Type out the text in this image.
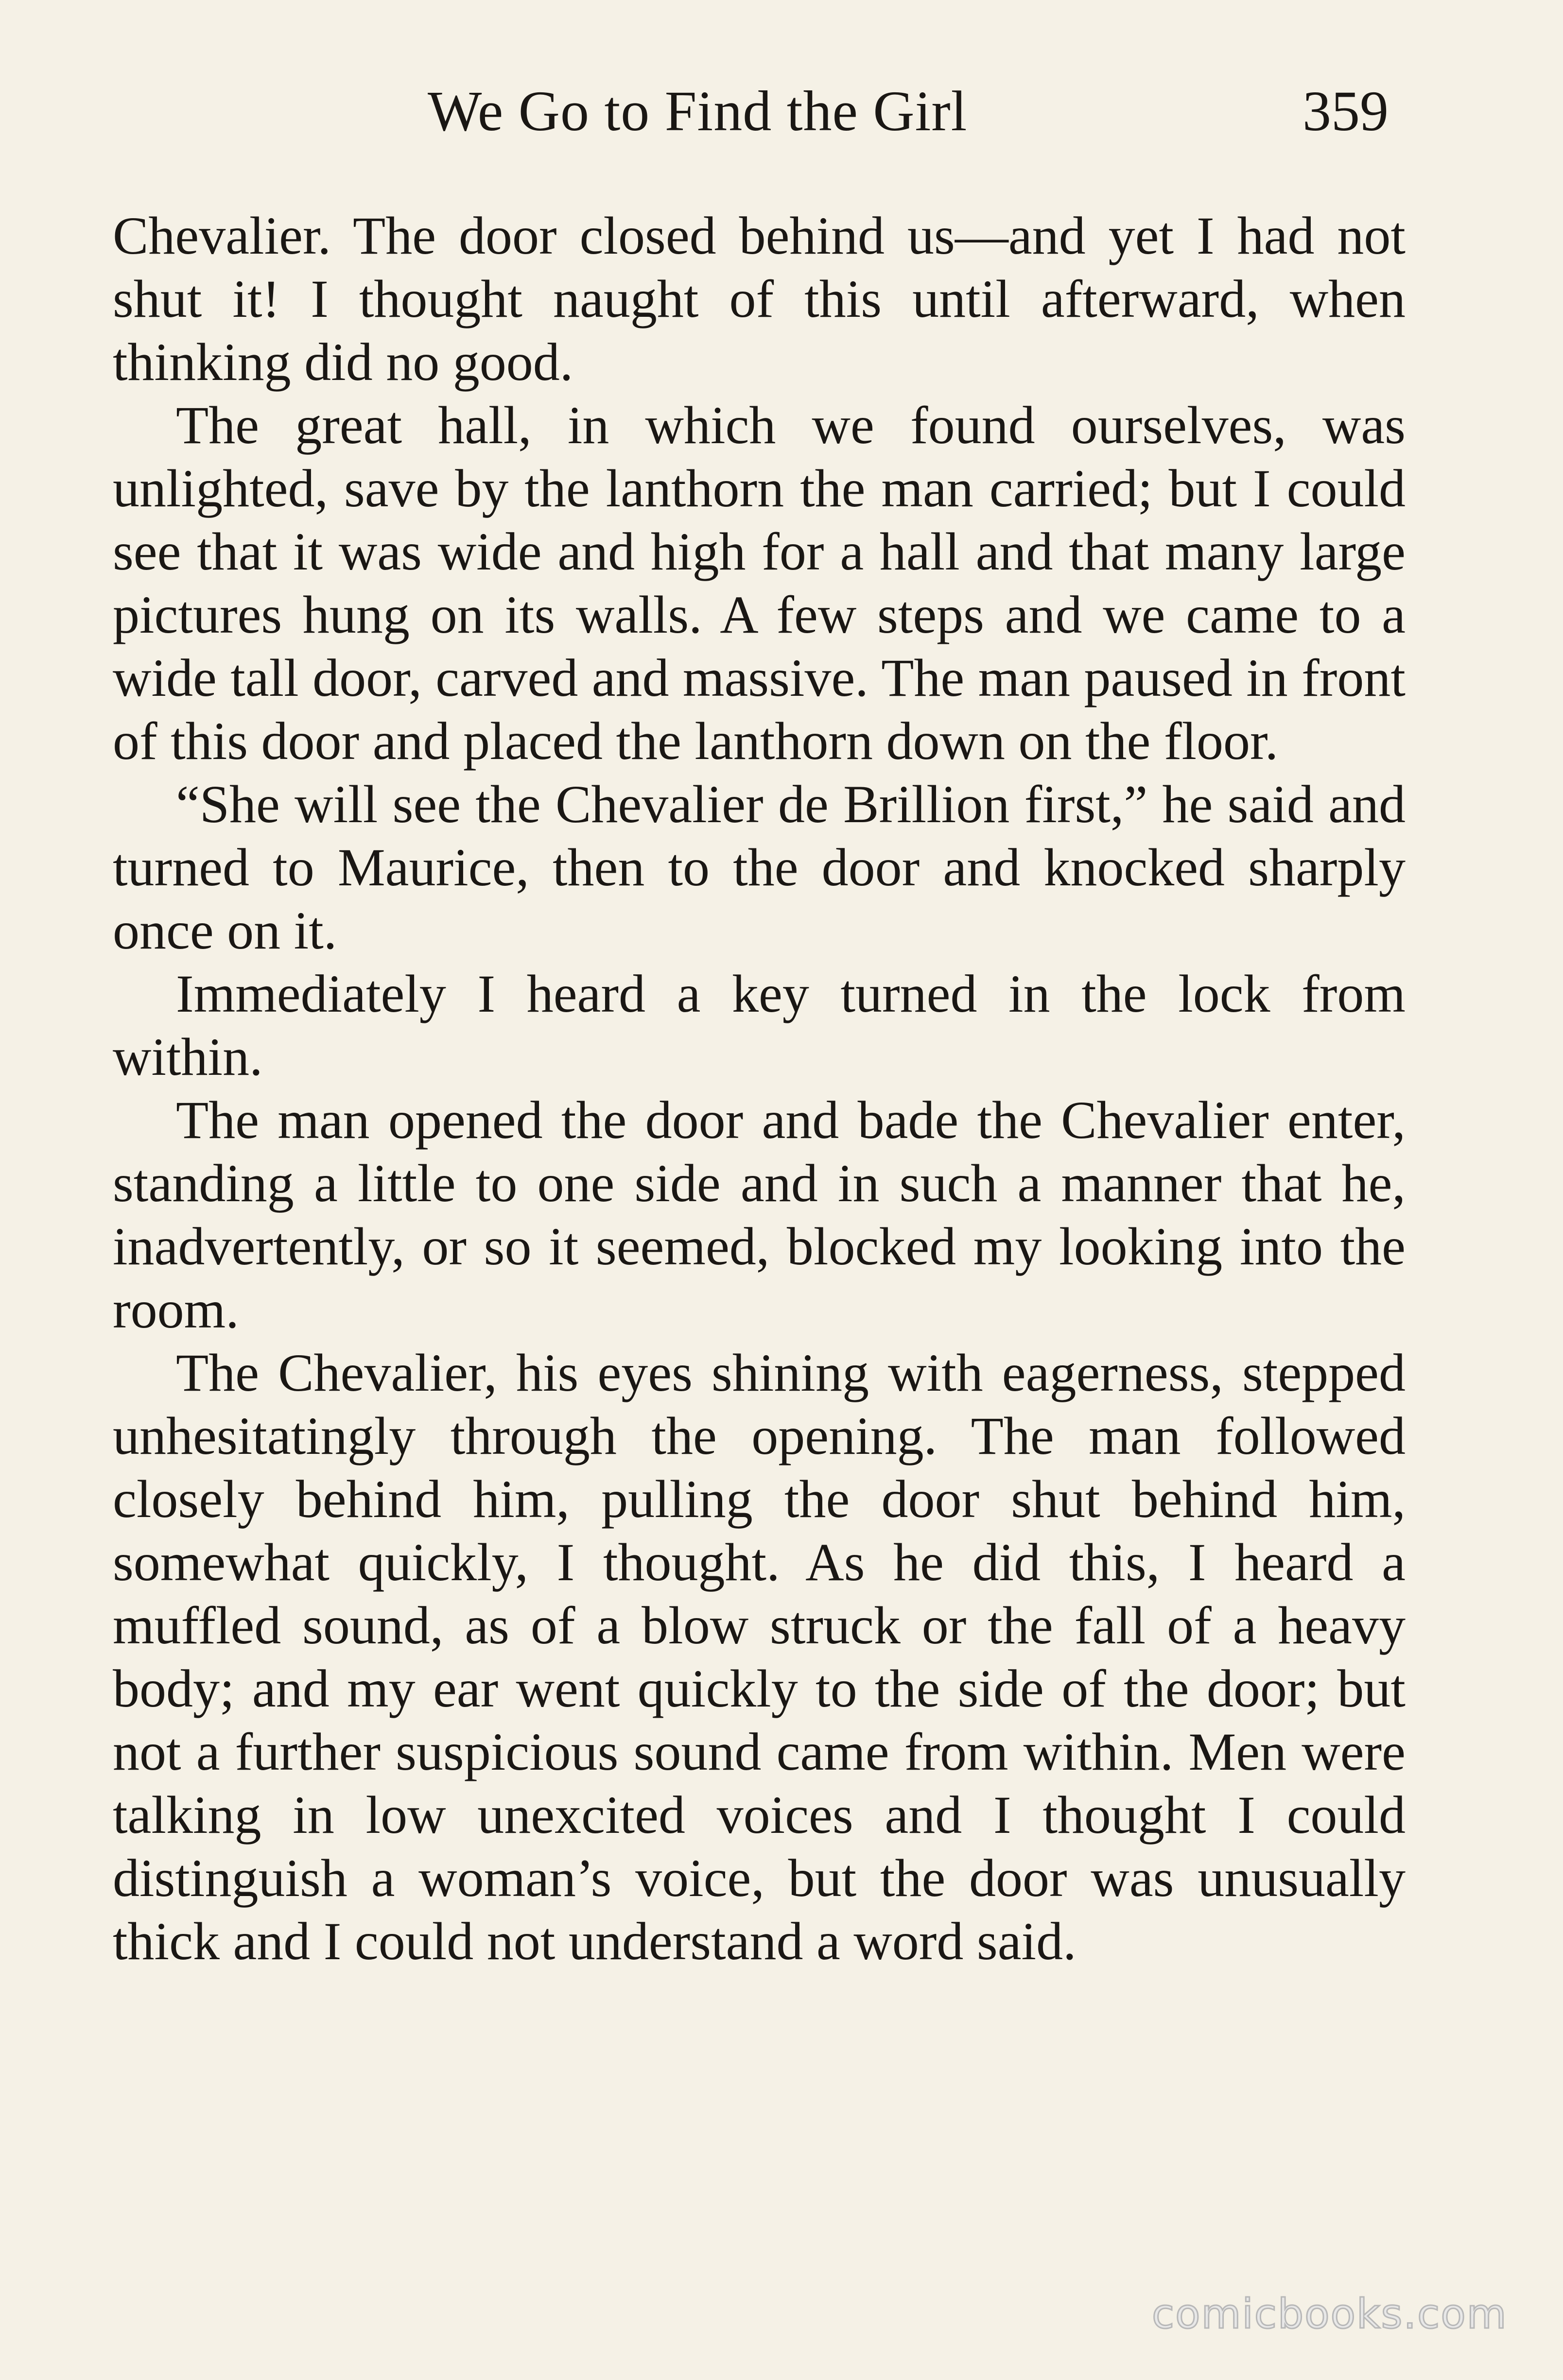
We Go to Find the Girl	359

Chevalier. The door closed behind us—and yet I had not shut it! I thought naught of this until afterward, when thinking did no good.

The great hall, in which we found ourselves, was unlighted, save by the lanthorn the man carried; but I could see that it was wide and high for a hall and that many large pictures hung on its walls. A few steps and we came to a wide tall door, carved and massive. The man paused in front of this door and placed the lanthorn down on the floor.

“She will see the Chevalier de Brillion first,” he said and turned to Maurice, then to the door and knocked sharply once on it.

Immediately I heard a key turned in the lock from within.

The man opened the door and bade the Chevalier enter, standing a little to one side and in such a manner that he, inadvertently, or so it seemed, blocked my looking into the room.

The Chevalier, his eyes shining with eagerness, stepped unhesitatingly through the opening. The man followed closely behind him, pulling the door shut behind him, somewhat quickly, I thought. As he did this, I heard a muffled sound, as of a blow struck or the fall of a heavy body; and my ear went quickly to the side of the door; but not a further suspicious sound came from within. Men were talking in low unexcited voices and I thought I could distinguish a woman’s voice, but the door was unusually thick and I could not understand a word said.

comicbooks.com
